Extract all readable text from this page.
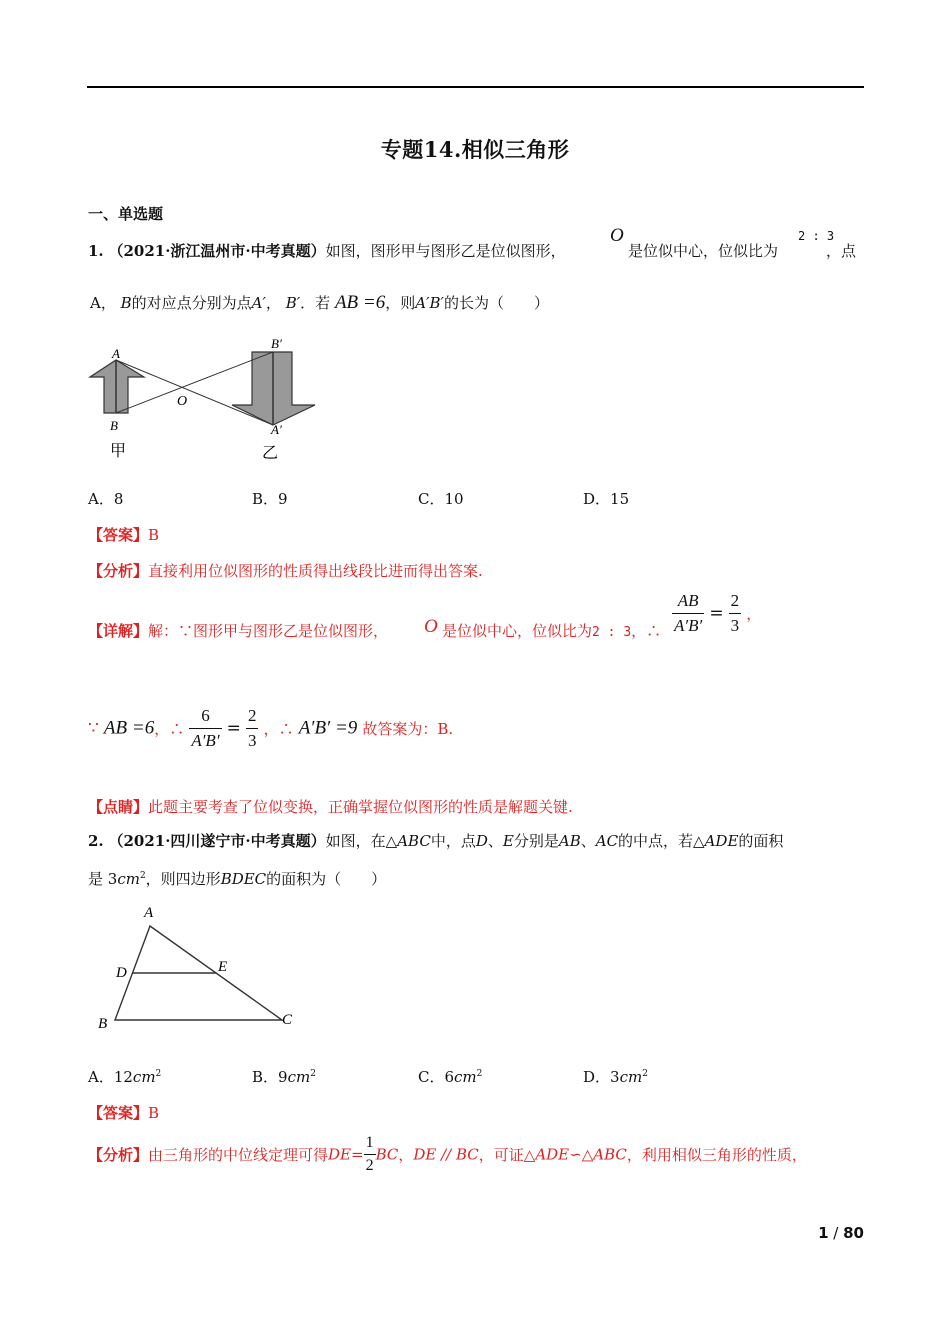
专题14.相似三角形
一、单选题
1. （2021·浙江温州市·中考真题）如图，图形甲与图形乙是位似图形，
O
是位似中心，位似比为
2 : 3
，点
A， B的对应点分别为点A′， B′．若 AB =6，则A′B′的长为（　　）
A
B
O
B′
A′
甲	乙
A．8	B．9	C．10	D．15
【答案】B
【分析】直接利用位似图形的性质得出线段比进而得出答案.
【详解】解：∵图形甲与图形乙是位似图形， O 是位似中心，位似比为2 : 3，∴ $\frac{AB}{A'B'} = \frac{2}{3}$ ，
∵ AB =6，∴ $\frac{6}{A'B'} = \frac{2}{3}$ ，∴ A′B′ =9 故答案为：B.
【点睛】此题主要考查了位似变换，正确掌握位似图形的性质是解题关键.
2. （2021·四川遂宁市·中考真题）如图，在△ABC中，点D、E分别是AB、AC的中点，若△ADE的面积
是 $3cm^2$，则四边形BDEC的面积为（　　）
A
D	E
B	C
A．$12cm^2$	B．$9cm^2$	C．$6cm^2$	D．$3cm^2$
【答案】B
【分析】由三角形的中位线定理可得$DE= \frac{1}{2}$ BC，DE // BC，可证△ADE∽△ABC，利用相似三角形的性质，
1 / 80
